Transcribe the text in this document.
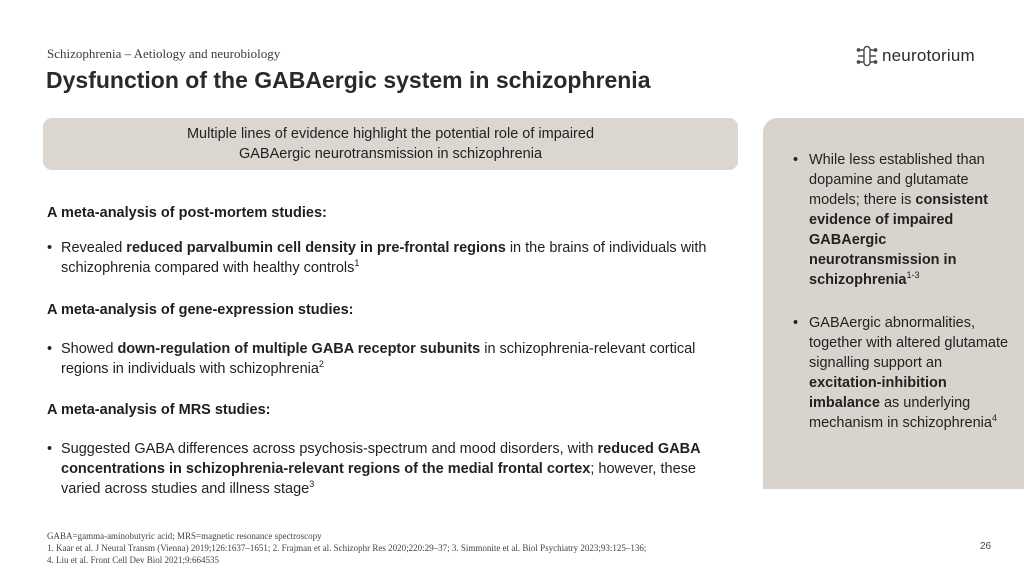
Schizophrenia – Aetiology and neurobiology
Dysfunction of the GABAergic system in schizophrenia
neurotorium
Multiple lines of evidence highlight the potential role of impaired GABAergic neurotransmission in schizophrenia

A meta-analysis of post-mortem studies:

• Revealed reduced parvalbumin cell density in pre-frontal regions in the brains of individuals with schizophrenia compared with healthy controls$^1$

A meta-analysis of gene-expression studies:

• Showed down-regulation of multiple GABA receptor subunits in schizophrenia-relevant cortical regions in individuals with schizophrenia$^2$

A meta-analysis of MRS studies:

• Suggested GABA differences across psychosis-spectrum and mood disorders, with reduced GABA concentrations in schizophrenia-relevant regions of the medial frontal cortex; however, these varied across studies and illness stage$^3$
• While less established than dopamine and glutamate models; there is consistent evidence of impaired GABAergic neurotransmission in schizophrenia$^{1-3}$
• GABAergic abnormalities, together with altered glutamate signalling support an excitation-inhibition imbalance as underlying mechanism in schizophrenia$^4$
GABA=gamma-aminobutyric acid; MRS=magnetic resonance spectroscopy
1. Kaar et al. J Neural Transm (Vienna) 2019;126:1637–1651; 2. Frajman et al. Schizophr Res 2020;220:29–37; 3. Simmonite et al. Biol Psychiatry 2023;93:125–136;
4. Liu et al. Front Cell Dev Biol 2021;9:664535
26
